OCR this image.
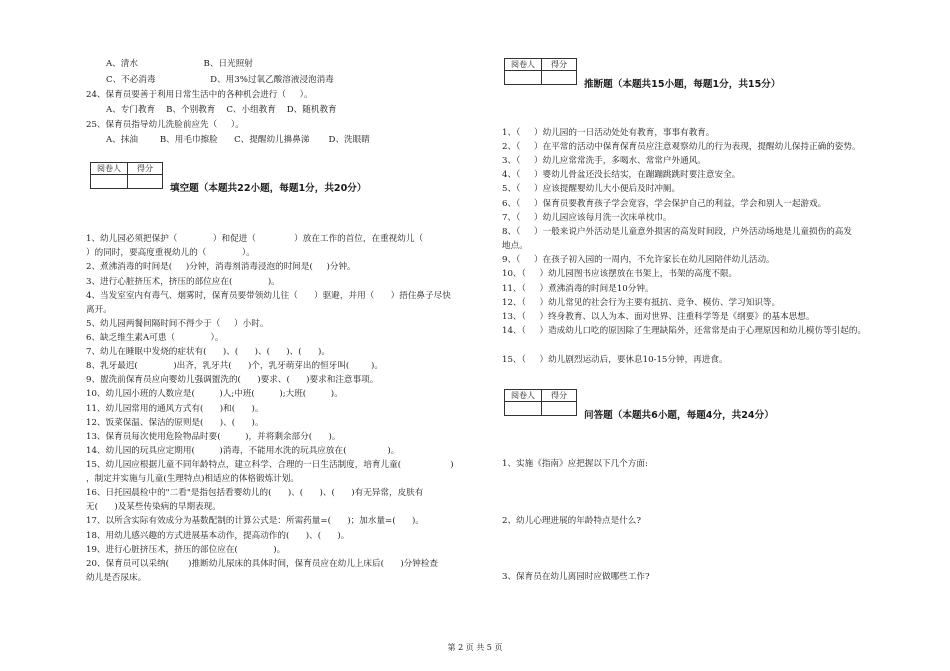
A、清水                        B、日光照射
C、不必消毒                    D、用3%过氧乙酸溶液浸泡消毒
24、保育员要善于利用日常生活中的各种机会进行（     ）。
A、专门教育    B、个别教育    C、小组教育    D、随机教育
25、保育员指导幼儿洗脸前应先（     ）。
A、抹油        B、用毛巾擦脸      C、提醒幼儿擤鼻涕       D、洗眼睛
阅卷人	得分

填空题（本题共22小题，每题1分，共20分）
1、幼儿园必须把保护（             ）和促进（              ）放在工作的首位，在重视幼儿（
）的同时，要高度重视幼儿的（             ）。
2、煮沸消毒的时间是(     )分钟，消毒剂消毒浸泡的时间是(     )分钟。
3、进行心脏挤压术，挤压的部位应在(             )。
4、当发室室内有毒气、烟雾时，保育员要带领幼儿往（      ）驱避，并用（      ）捂住鼻子尽快
离开。
5、幼儿园两餐间隔时间不得少于（     ）小时。
6、缺乏维生素A可患（             ）。
7、幼儿在睡眠中发烧的症状有(      )、(      )、(      )、(      )。
8、乳牙最迟(             )出齐，乳牙共(      )个，乳牙萌芽出的恒牙叫(        )。
9、盥洗前保育员应向婴幼儿强调盥洗的(      )要求、(      )要求和注意事项。
10、幼儿园小班的人数应是(         )人;中班(         );大班(         )。
11、幼儿园常用的通风方式有(      )和(      )。
12、饭菜保温、保洁的原则是(      )、(      )。
13、保育员每次使用危险物品时要(         )，并将剩余部分(      )。
14、幼儿园的玩具应定期用(         )消毒，不能用水洗的玩具应放在(               )。
15、幼儿园应根据儿童不同年龄特点，建立科学、合理的一日生活制度，培育儿童(                  )
，制定并实施与儿童(生理特点)相适应的体格锻炼计划。
16、日托园晨检中的"二看"是指包括看婴幼儿的(      )、(      )、(      )有无异常，皮肤有
无(      )及某些传染病的早期表现。
17、以所含实际有效成分为基数配制的计算公式是：所需药量=(      )；加水量=(      )。
18、用幼儿感兴趣的方式进展基本动作，提高动作的(      )、(      )。
19、进行心脏挤压术，挤压的部位应在(             )。
20、保育员可以采纳(       )推断幼儿尿床的具体时间，保育员应在幼儿上床后(      )分钟检查
幼儿是否尿床。
阅卷人	得分

推断题（本题共15小题，每题1分，共15分）
1、（     ）幼儿园的一日活动处处有教育，事事有教育。
2、（     ）在平常的活动中保育保育员应注意观察幼儿的行为表现，提醒幼儿保持正确的姿势。
3、（     ）幼儿应常常洗手，多喝水、常常户外通风。
4、（     ）婴幼儿骨盆还没长结实，在蹦蹦跳跳时要注意安全。
5、（     ）应该提醒婴幼儿大小便后及时冲厕。
6、（     ）保育员要教育孩子学会宽容，学会保护自己的利益，学会和别人一起游戏。
7、（     ）幼儿园应该每月洗一次床单枕巾。
8、（     ）一般来说户外活动是儿童意外损害的高发时间段，户外活动场地是儿童损伤的高发
地点。
9、（     ）在孩子初入园的一周内，不允许家长在幼儿园陪伴幼儿活动。
10、（     ）幼儿园图书应该摆放在书架上，书架的高度不限。
11、（     ）煮沸消毒的时间是10分钟。
12、（     ）幼儿常见的社会行为主要有抵抗、竞争、模仿、学习知识等。
13、（     ）终身教育、以人为本、面对世界、注重科学等是《纲要》的基本思想。
14、（     ）造成幼儿口吃的原因除了生理缺陷外，还常常是由于心理原因和幼儿模仿等引起的。
15、（     ）幼儿剧烈运动后，要休息10-15分钟，再进食。
阅卷人	得分

问答题（本题共6小题，每题4分，共24分）
1、实施《指南》应把握以下几个方面:
2、幼儿心理进展的年龄特点是什么?
3、保育员在幼儿离园时应做哪些工作?
第 2 页 共 5 页
